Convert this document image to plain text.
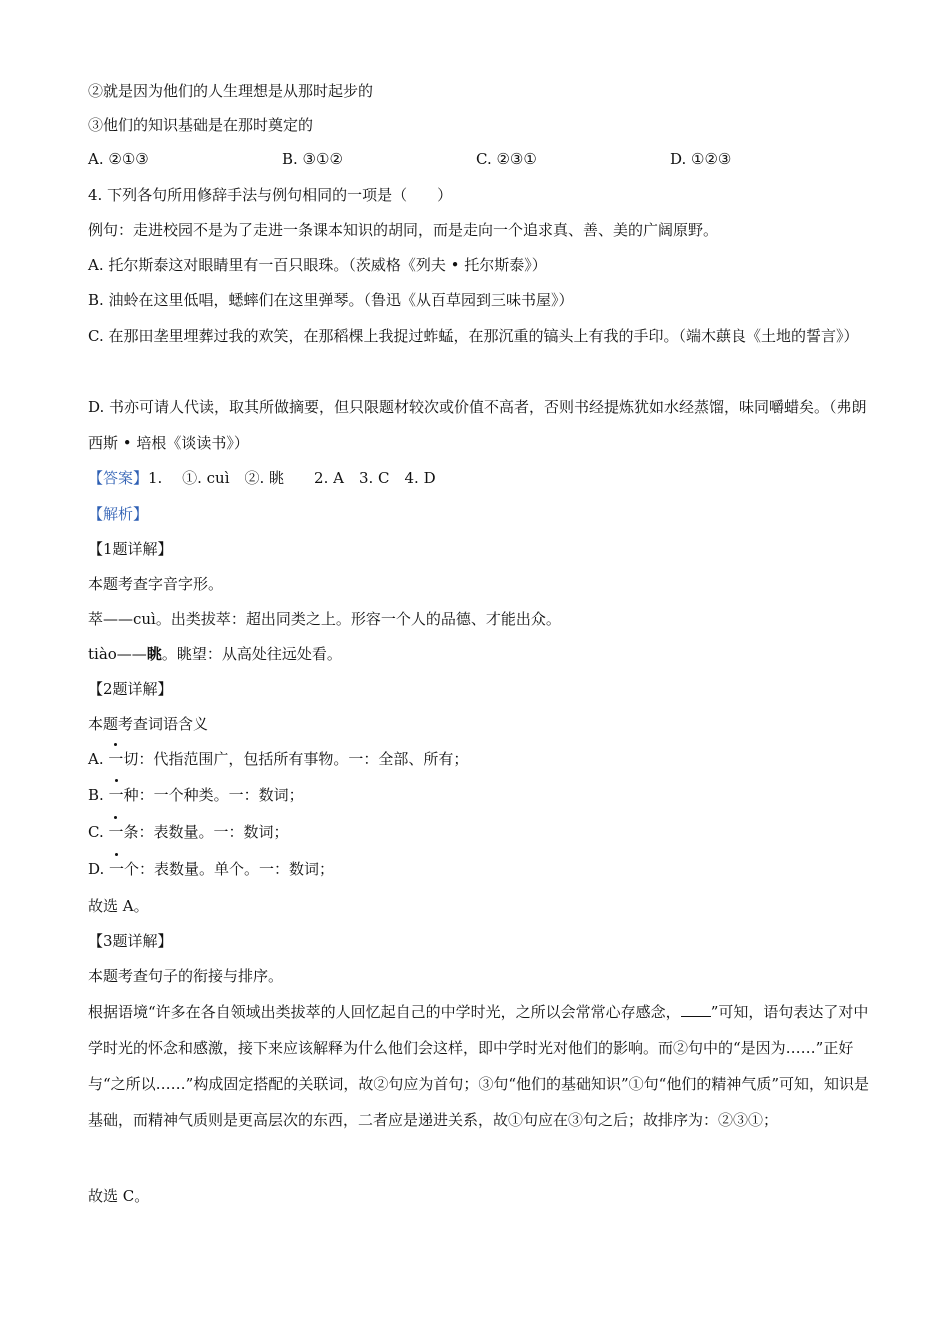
②就是因为他们的人生理想是从那时起步的
③他们的知识基础是在那时奠定的
A. ②①③	B. ③①②	C. ②③①	D. ①②③
4. 下列各句所用修辞手法与例句相同的一项是（　　）
例句：走进校园不是为了走进一条课本知识的胡同，而是走向一个追求真、善、美的广阔原野。
A. 托尔斯泰这对眼睛里有一百只眼珠。（茨威格《列夫 • 托尔斯泰》）
B. 油蛉在这里低唱，蟋蟀们在这里弹琴。（鲁迅《从百草园到三味书屋》）
C. 在那田垄里埋葬过我的欢笑，在那稻棵上我捉过蚱蜢，在那沉重的镐头上有我的手印。（端木蕻良《土地的誓言》）
D. 书亦可请人代读，取其所做摘要，但只限题材较次或价值不高者，否则书经提炼犹如水经蒸馏，味同嚼蜡矣。（弗朗西斯 • 培根《谈读书》）
【答案】1.　 ①. cuì　②. 眺　　2. A　3. C　4. D
【解析】
【1题详解】
本题考查字音字形。
萃——cuì。出类拔萃：超出同类之上。形容一个人的品德、才能出众。
tiào——眺。眺望：从高处往远处看。
【2题详解】
本题考查词语含义
A. 一切：代指范围广，包括所有事物。一：全部、所有；
B. 一种：一个种类。一：数词；
C. 一条：表数量。一：数词；
D. 一个：表数量。单个。一：数词；
故选 A。
【3题详解】
本题考查句子的衔接与排序。
根据语境“许多在各自领域出类拔萃的人回忆起自己的中学时光，之所以会常常心存感念， ”可知，语句表达了对中学时光的怀念和感激，接下来应该解释为什么他们会这样，即中学时光对他们的影响。而②句中的“是因为……”正好与“之所以……”构成固定搭配的关联词，故②句应为首句；③句“他们的基础知识”①句“他们的精神气质”可知，知识是基础，而精神气质则是更高层次的东西，二者应是递进关系，故①句应在③句之后；故排序为：②③①；
故选 C。
